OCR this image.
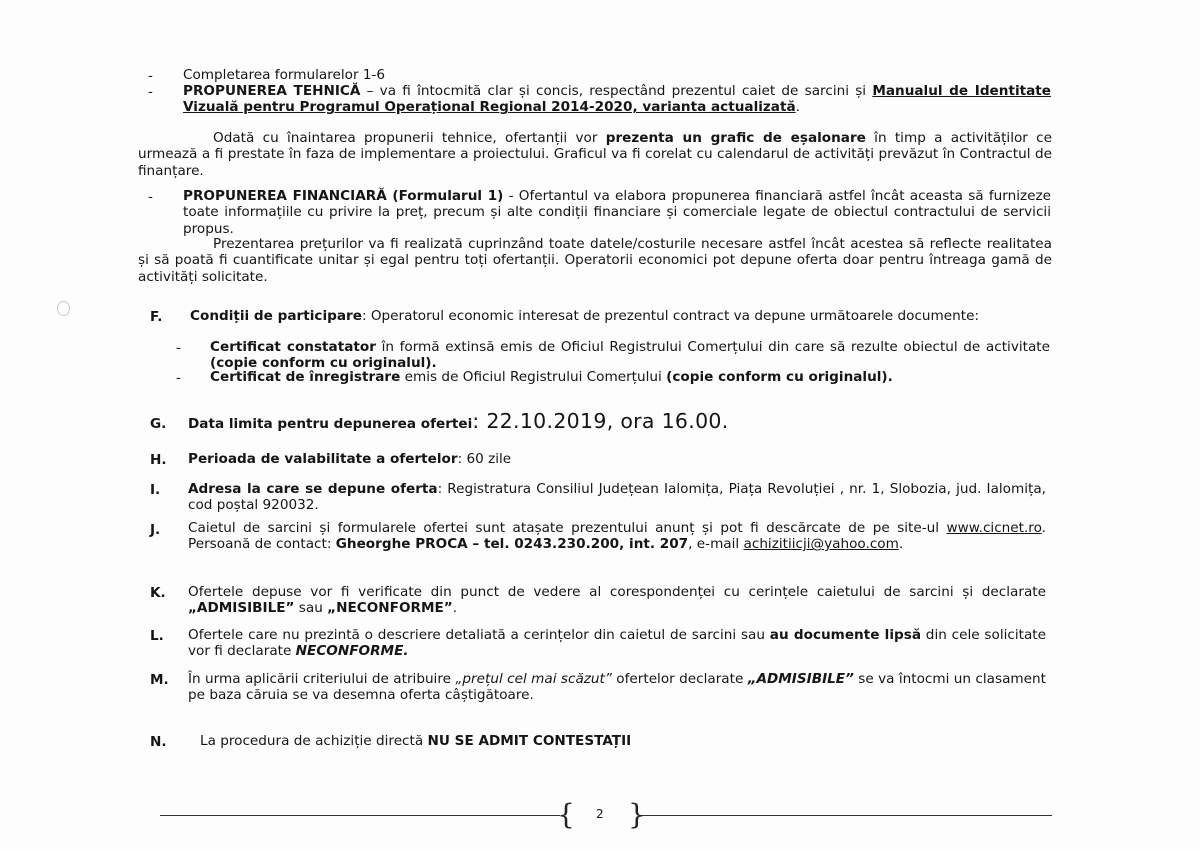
- Completarea formularelor 1-6
- PROPUNEREA TEHNICĂ – va fi întocmită clar și concis, respectând prezentul caiet de sarcini și Manualul de Identitate Vizuală pentru Programul Operațional Regional 2014-2020, varianta actualizată.
Odată cu înaintarea propunerii tehnice, ofertanții vor prezenta un grafic de eșalonare în timp a activităților ce urmează a fi prestate în faza de implementare a proiectului. Graficul va fi corelat cu calendarul de activități prevăzut în Contractul de finanțare.
- PROPUNEREA FINANCIARĂ (Formularul 1) - Ofertantul va elabora propunerea financiară astfel încât aceasta să furnizeze toate informațiile cu privire la preț, precum și alte condiții financiare și comerciale legate de obiectul contractului de servicii propus.
Prezentarea prețurilor va fi realizată cuprinzând toate datele/costurile necesare astfel încât acestea să reflecte realitatea și să poată fi cuantificate unitar și egal pentru toți ofertanții. Operatorii economici pot depune oferta doar pentru întreaga gamă de activități solicitate.
F. Condiții de participare: Operatorul economic interesat de prezentul contract va depune următoarele documente:
- Certificat constatator în formă extinsă emis de Oficiul Registrului Comerțului din care să rezulte obiectul de activitate (copie conform cu originalul).
- Certificat de înregistrare emis de Oficiul Registrului Comerțului (copie conform cu originalul).
G. Data limita pentru depunerea ofertei: 22.10.2019, ora 16.00.
H. Perioada de valabilitate a ofertelor: 60 zile
I. Adresa la care se depune oferta: Registratura Consiliul Județean Ialomița, Piața Revoluției , nr. 1, Slobozia, jud. Ialomița, cod poștal 920032.
J. Caietul de sarcini și formularele ofertei sunt atașate prezentului anunț și pot fi descărcate de pe site-ul www.cicnet.ro. Persoană de contact: Gheorghe PROCA – tel. 0243.230.200, int. 207, e-mail achizitiicji@yahoo.com.
K. Ofertele depuse vor fi verificate din punct de vedere al corespondenței cu cerințele caietului de sarcini și declarate „ADMISIBILE” sau „NECONFORME”.
L. Ofertele care nu prezintă o descriere detaliată a cerințelor din caietul de sarcini sau au documente lipsă din cele solicitate vor fi declarate NECONFORME.
M. În urma aplicării criteriului de atribuire „prețul cel mai scăzut” ofertelor declarate „ADMISIBILE” se va întocmi un clasament pe baza căruia se va desemna oferta câștigătoare.
N. La procedura de achiziție directă NU SE ADMIT CONTESTAȚII
{ }
2
